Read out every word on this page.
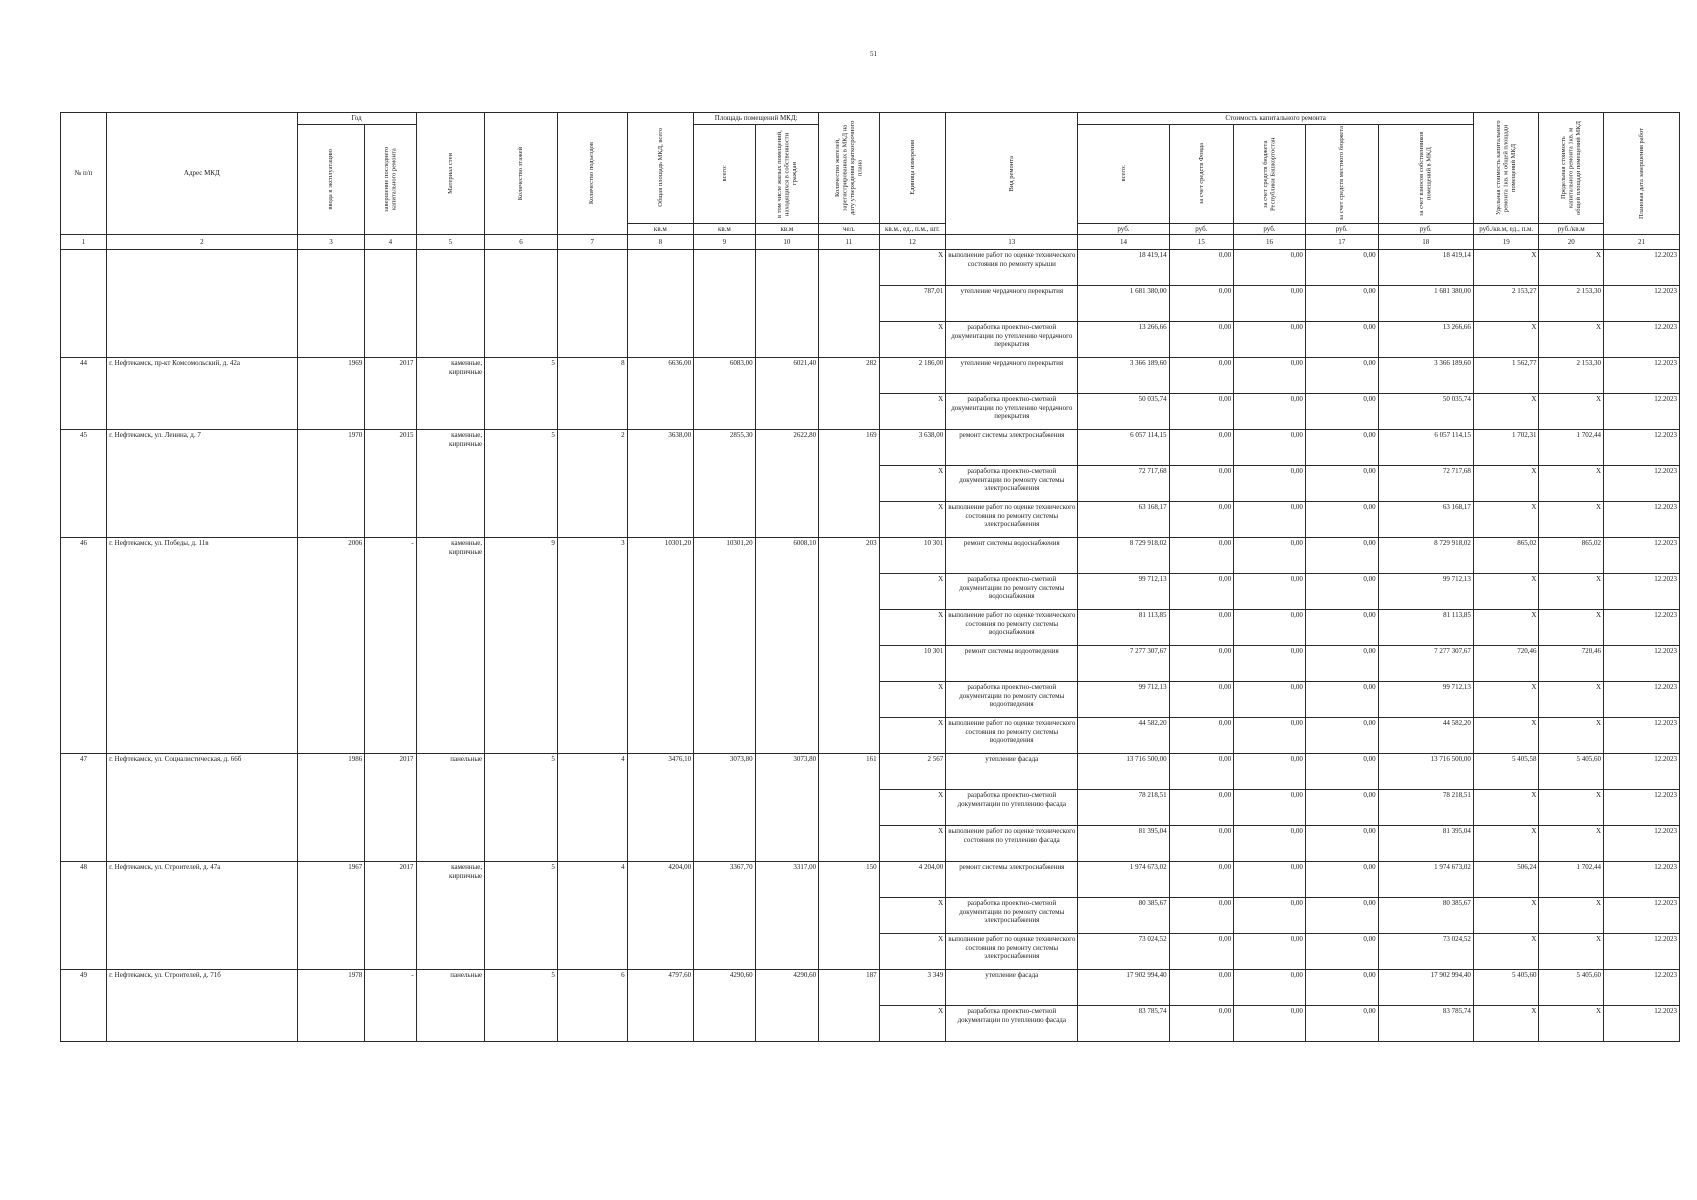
51
№ п/п	Адрес МКД	Год		Материал стен	Количество этажей	Количество подъездов	Общая площадь МКД, всего	Площадь помещений МКД:		Количество жителей, зарегистрированных в МКД на дату утверждения краткосрочного плана	Единица измерения	Вид ремонта	Стоимость капитального ремонта					Удельная стоимость капитального ремонта 1кв. м общей площади помещений МКД	Предельная стоимость капитального ремонта 1кв. м общей площади помещений МКД	Плановая дата завершения работ

		ввода в эксплуатацию	завершение последнего капитального ремонта					всего:	в том числе жилых помещений, находящихся в собственности граждан				всего:	за счет средств Фонда	за счет средств бюджета Республики Башкортостан	за счет средств местного бюджета	за счет взносов собственников помещений в МКД			

							кв.м	кв.м	кв.м	чел.	кв.м., ед., п.м., шт.		руб.	руб.	руб.	руб.	руб.	руб./кв.м, ед., п.м.	руб./кв.м	
1	2	3	4	5	6	7	8	9	10	11	12	13	14	15	16	17	18	19	20	21
											X	выполнение работ по оценке технического состояния по ремонту крыши	18 419,14	0,00	0,00	0,00	18 419,14	X	X	12.2023
											787,01	утепление чердачного перекрытия	1 681 380,00	0,00	0,00	0,00	1 681 380,00	2 153,27	2 153,30	12.2023
											X	разработка проектно-сметной документации по утеплению чердачного перекрытия	13 266,66	0,00	0,00	0,00	13 266,66	X	X	12.2023
44	г. Нефтекамск, пр-кт Комсомольский, д. 42а	1969	2017	каменные, кирпичные	5	8	6636,00	6083,00	6021,40	282	2 186,00	утепление чердачного перекрытия	3 366 189,60	0,00	0,00	0,00	3 366 189,60	1 562,77	2 153,30	12.2023
											X	разработка проектно-сметной документации по утеплению чердачного перекрытия	50 035,74	0,00	0,00	0,00	50 035,74	X	X	12.2023
45	г. Нефтекамск, ул. Ленина, д. 7	1970	2015	каменные, кирпичные	5	2	3638,00	2855,30	2622,80	169	3 638,00	ремонт системы электроснабжения	6 057 114,15	0,00	0,00	0,00	6 057 114,15	1 702,31	1 702,44	12.2023
											X	разработка проектно-сметной документации по ремонту системы электроснабжения	72 717,68	0,00	0,00	0,00	72 717,68	X	X	12.2023
											X	выполнение работ по оценке технического состояния по ремонту системы электроснабжения	63 168,17	0,00	0,00	0,00	63 168,17	X	X	12.2023
46	г. Нефтекамск, ул. Победы, д. 11в	2006	-	каменные, кирпичные	9	3	10301,20	10301,20	6008,10	203	10 301	ремонт системы водоснабжения	8 729 918,02	0,00	0,00	0,00	8 729 918,02	865,02	865,02	12.2023
											X	разработка проектно-сметной документации по ремонту системы водоснабжения	99 712,13	0,00	0,00	0,00	99 712,13	X	X	12.2023
											X	выполнение работ по оценке технического состояния по ремонту системы водоснабжения	81 113,85	0,00	0,00	0,00	81 113,85	X	X	12.2023
											10 301	ремонт системы водоотведения	7 277 307,67	0,00	0,00	0,00	7 277 307,67	720,46	720,46	12.2023
											X	разработка проектно-сметной документации по ремонту системы водоотведения	99 712,13	0,00	0,00	0,00	99 712,13	X	X	12.2023
											X	выполнение работ по оценке технического состояния по ремонту системы водоотведения	44 582,20	0,00	0,00	0,00	44 582,20	X	X	12.2023
47	г. Нефтекамск, ул. Социалистическая, д. 66б	1986	2017	панельные	5	4	3476,10	3073,80	3073,80	161	2 567	утепление фасада	13 716 500,00	0,00	0,00	0,00	13 716 500,00	5 405,58	5 405,60	12.2023
											X	разработка проектно-сметной документации по утеплению фасада	78 218,51	0,00	0,00	0,00	78 218,51	X	X	12.2023
											X	выполнение работ по оценке технического состояния по утеплению фасада	81 395,04	0,00	0,00	0,00	81 395,04	X	X	12.2023
48	г. Нефтекамск, ул. Строителей, д. 47а	1967	2017	каменные, кирпичные	5	4	4204,00	3367,70	3317,00	150	4 204,00	ремонт системы электроснабжения	1 974 673,02	0,00	0,00	0,00	1 974 673,02	506,24	1 702,44	12.2023
											X	разработка проектно-сметной документации по ремонту системы электроснабжения	80 385,67	0,00	0,00	0,00	80 385,67	X	X	12.2023
											X	выполнение работ по оценке технического состояния по ремонту системы электроснабжения	73 024,52	0,00	0,00	0,00	73 024,52	X	X	12.2023
49	г. Нефтекамск, ул. Строителей, д. 71б	1978	-	панельные	5	6	4797,60	4290,60	4290,60	187	3 349	утепление фасада	17 902 994,40	0,00	0,00	0,00	17 902 994,40	5 405,60	5 405,60	12.2023
											X	разработка проектно-сметной документации по утеплению фасада	83 785,74	0,00	0,00	0,00	83 785,74	X	X	12.2023
